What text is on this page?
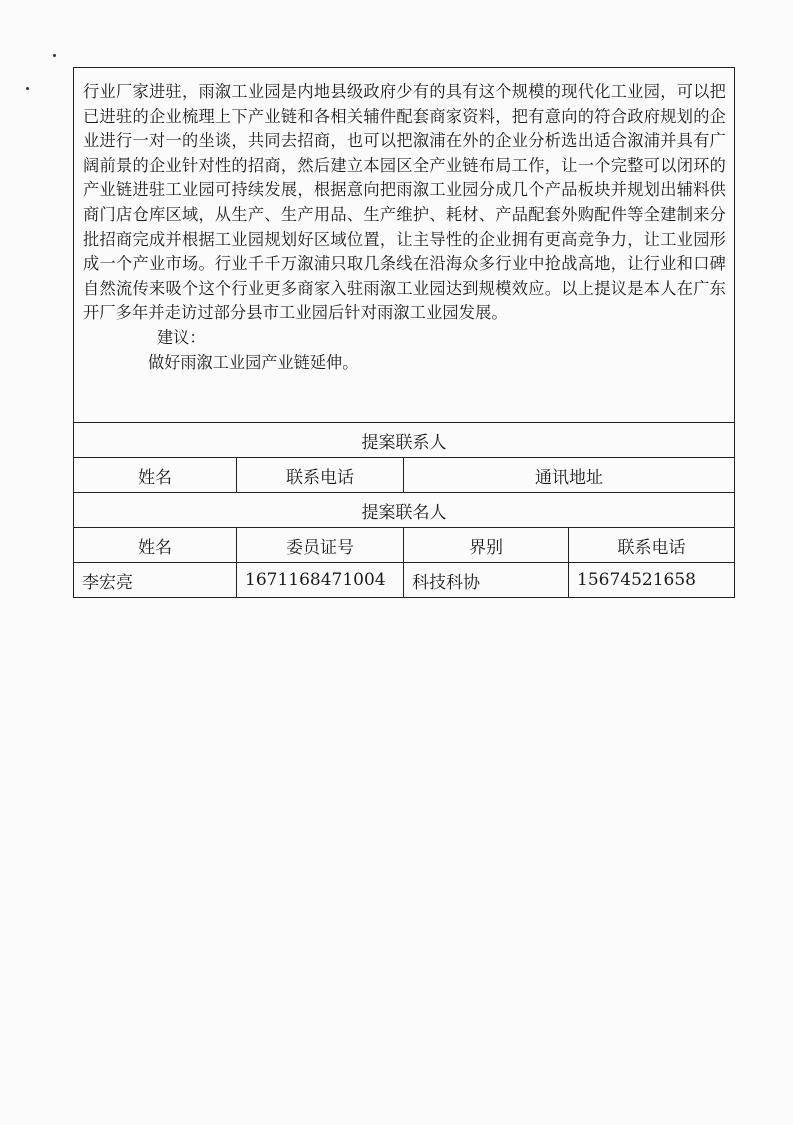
行业厂家进驻，雨溆工业园是内地县级政府少有的具有这个规模的现代化工业园，可以把已进驻的企业梳理上下产业链和各相关辅件配套商家资料，把有意向的符合政府规划的企业进行一对一的坐谈，共同去招商，也可以把溆浦在外的企业分析选出适合溆浦并具有广阔前景的企业针对性的招商，然后建立本园区全产业链布局工作，让一个完整可以闭环的产业链进驻工业园可持续发展，根据意向把雨溆工业园分成几个产品板块并规划出辅料供商门店仓库区域，从生产、生产用品、生产维护、耗材、产品配套外购配件等全建制来分批招商完成并根据工业园规划好区域位置，让主导性的企业拥有更高竞争力，让工业园形成一个产业市场。行业千千万溆浦只取几条线在沿海众多行业中抢战高地，让行业和口碑自然流传来吸个这个行业更多商家入驻雨溆工业园达到规模效应。以上提议是本人在广东开厂多年并走访过部分县市工业园后针对雨溆工业园发展。

建议：

做好雨溆工业园产业链延伸。			

提案联系人			
姓名	联系电话	通讯地址	
提案联名人			
姓名	委员证号	界别	联系电话
李宏亮	1671168471004	科技科协	15674521658
